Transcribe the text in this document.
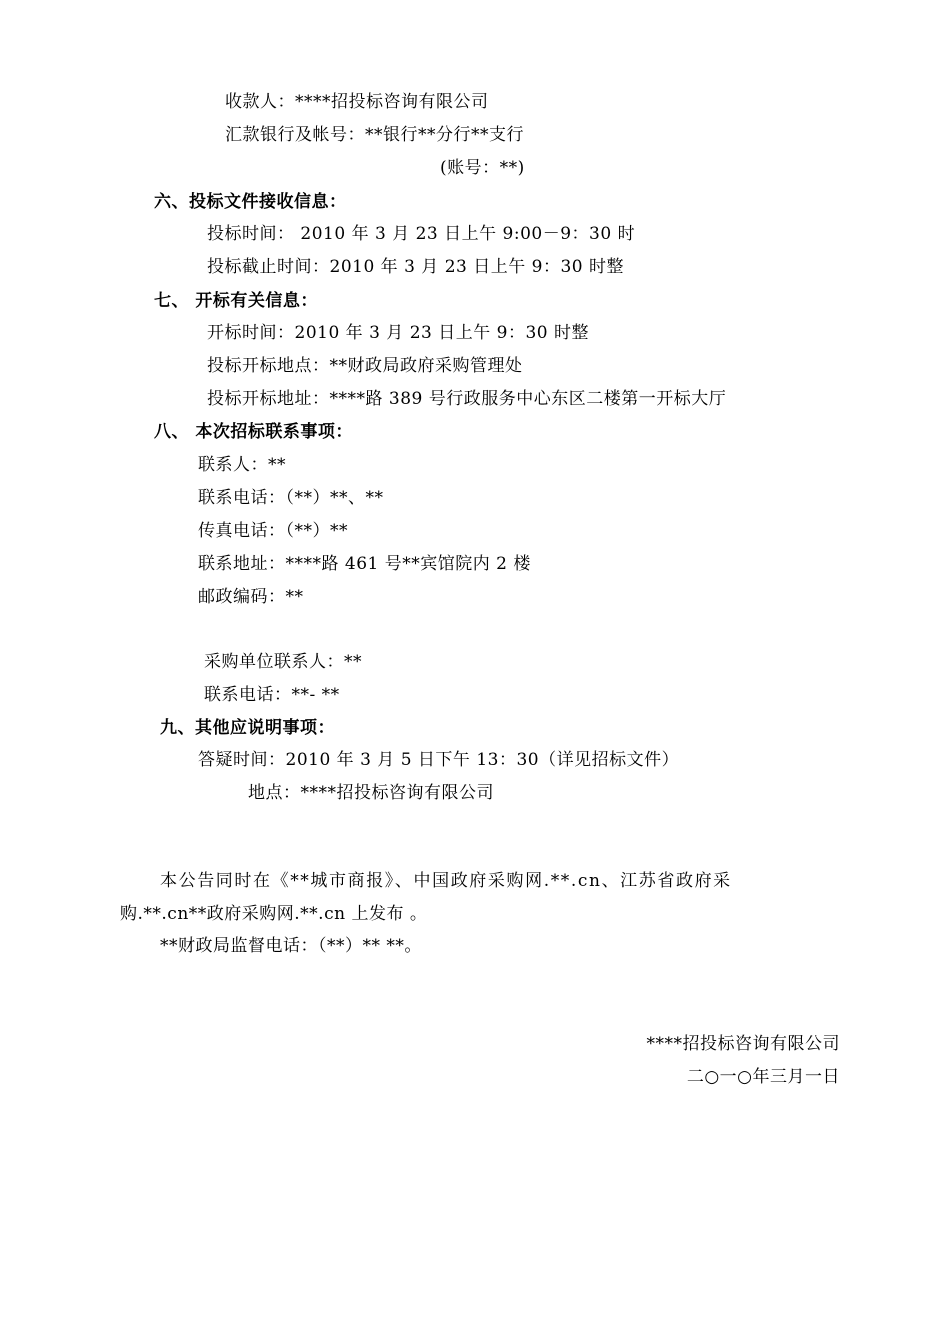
收款人：****招投标咨询有限公司
汇款银行及帐号：**银行**分行**支行
(账号：**)
六、投标文件接收信息：
投标时间： 2010 年 3 月 23 日上午 9:00－9：30 时
投标截止时间：2010 年 3 月 23 日上午 9：30 时整
七、 开标有关信息：
开标时间：2010 年 3 月 23 日上午 9：30 时整
投标开标地点：**财政局政府采购管理处
投标开标地址：****路 389 号行政服务中心东区二楼第一开标大厅
八、 本次招标联系事项：
联系人：**
联系电话：（**）**、**
传真电话：（**）**
联系地址：****路 461 号**宾馆院内 2 楼
邮政编码：**
采购单位联系人：**
联系电话：**- **
九、其他应说明事项：
答疑时间：2010 年 3 月 5 日下午 13：30（详见招标文件）
地点：****招投标咨询有限公司
本公告同时在《**城市商报》、中国政府采购网.**.cn、江苏省政府采
购.**.cn**政府采购网.**.cn 上发布 。
**财政局监督电话：（**）** **。
****招投标咨询有限公司
二○一○年三月一日
